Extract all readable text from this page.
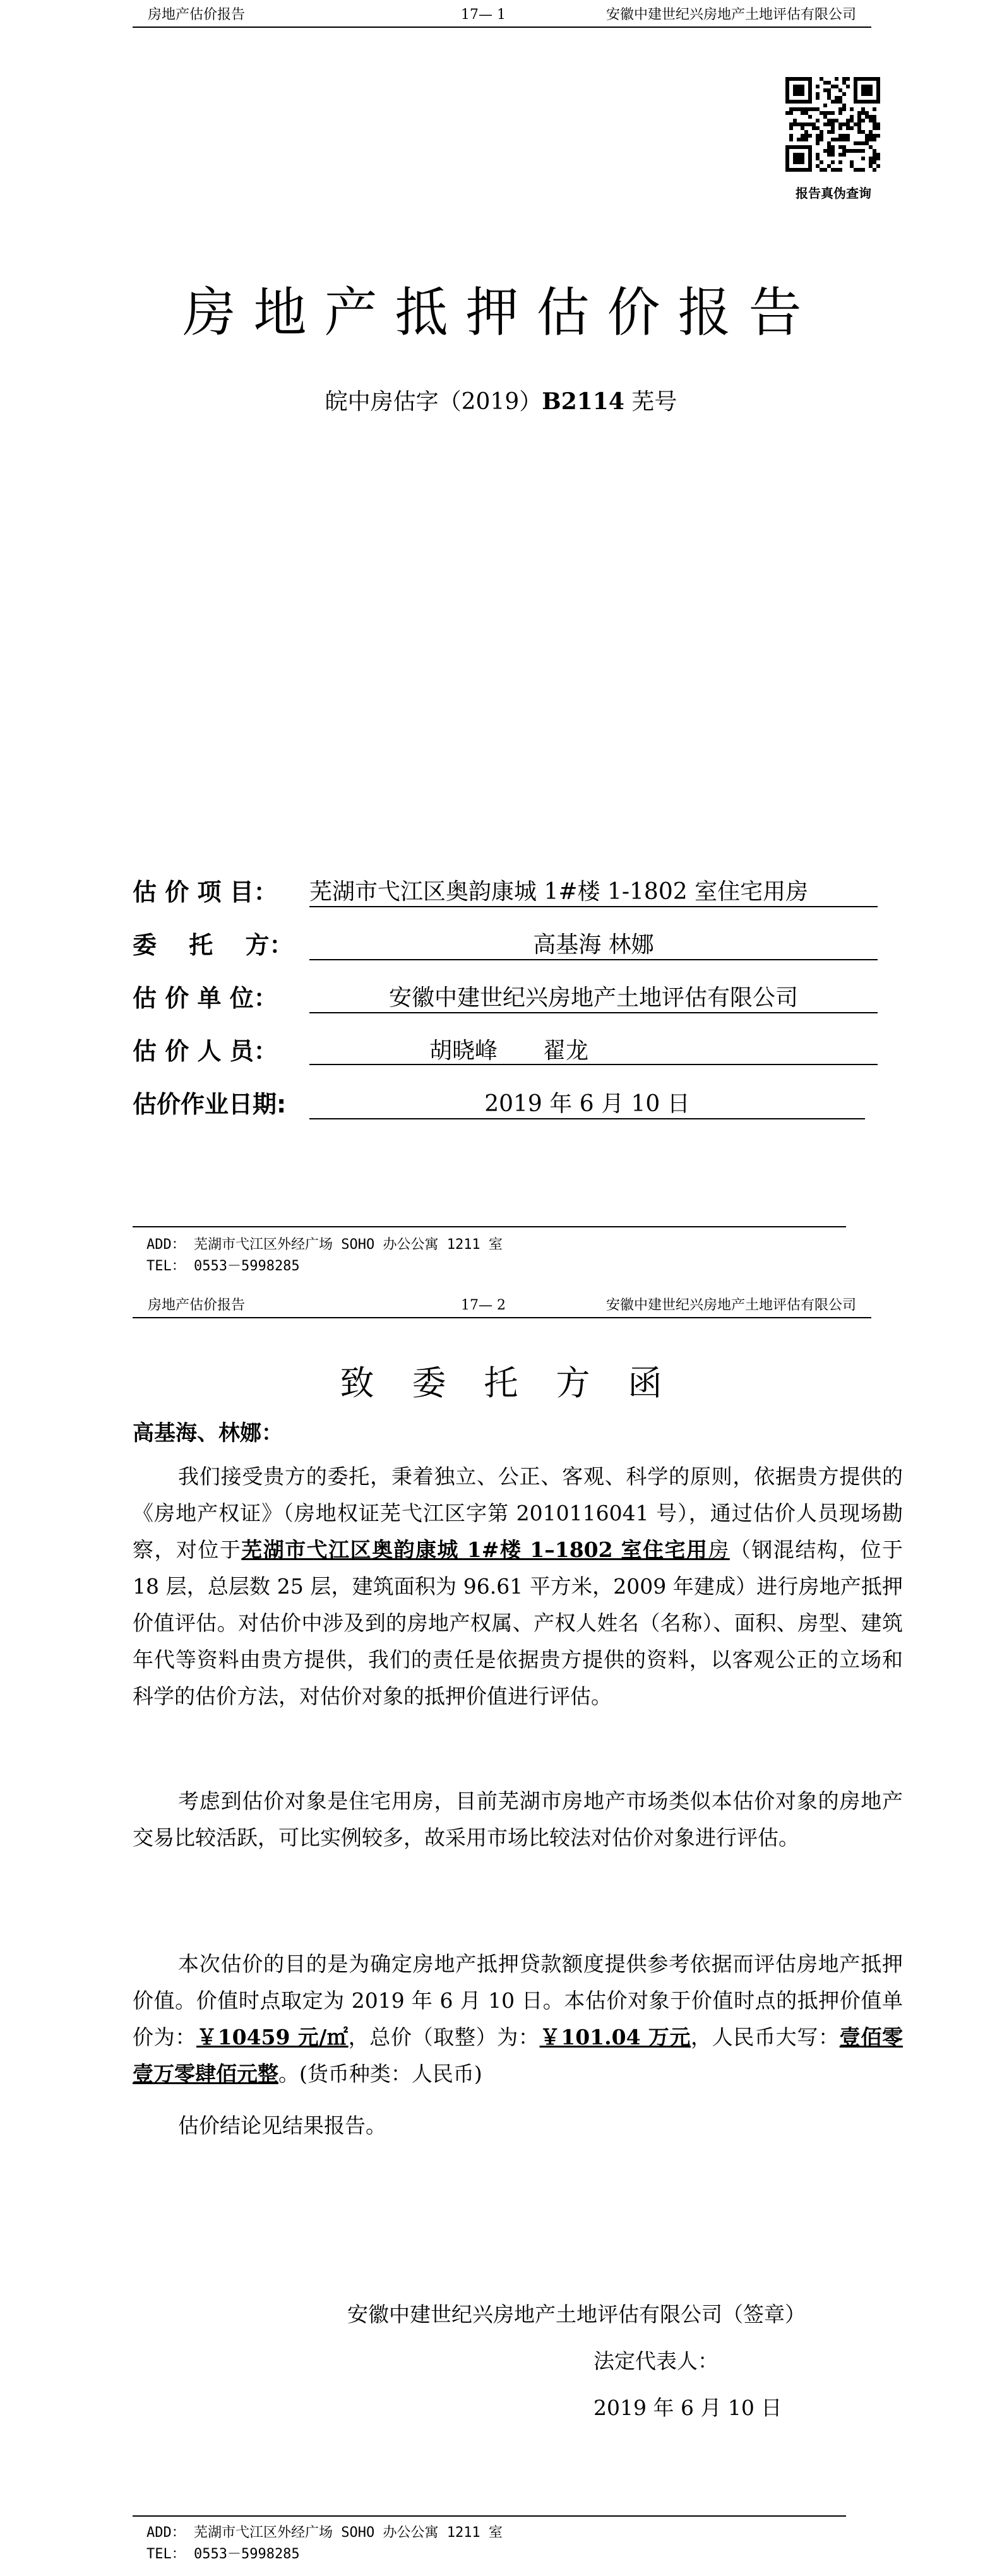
房地产估价报告	17— 1	安徽中建世纪兴房地产土地评估有限公司
报告真伪查询
房地产抵押估价报告
皖中房估字（2019）B2114 芜号
估 价 项 目： 芜湖市弋江区奥韵康城 1#楼 1-1802 室住宅用房
委　 托　 方：	高基海 林娜
估 价 单 位：	安徽中建世纪兴房地产土地评估有限公司
估 价 人 员：	胡晓峰　　翟龙
估价作业日期:	2019 年 6 月 10 日
ADD： 芜湖市弋江区外经广场 SOHO 办公公寓 1211 室
TEL： 0553－5998285
房地产估价报告	17— 2	安徽中建世纪兴房地产土地评估有限公司
致委托方函
高基海、林娜：

我们接受贵方的委托，秉着独立、公正、客观、科学的原则，依据贵方提供的《房地产权证》（房地权证芜弋江区字第 2010116041 号），通过估价人员现场勘察，对位于芜湖市弋江区奥韵康城 1#楼 1–1802 室住宅用房（钢混结构，位于 18 层，总层数 25 层，建筑面积为 96.61 平方米，2009 年建成）进行房地产抵押价值评估。对估价中涉及到的房地产权属、产权人姓名（名称）、面积、房型、建筑年代等资料由贵方提供，我们的责任是依据贵方提供的资料，以客观公正的立场和科学的估价方法，对估价对象的抵押价值进行评估。

考虑到估价对象是住宅用房，目前芜湖市房地产市场类似本估价对象的房地产交易比较活跃，可比实例较多，故采用市场比较法对估价对象进行评估。

本次估价的目的是为确定房地产抵押贷款额度提供参考依据而评估房地产抵押价值。价值时点取定为 2019 年 6 月 10 日。本估价对象于价值时点的抵押价值单价为：￥10459 元/㎡，总价（取整）为：￥101.04 万元，人民币大写：壹佰零壹万零肆佰元整。(货币种类：人民币)

估价结论见结果报告。

安徽中建世纪兴房地产土地评估有限公司（签章）
法定代表人：
2019 年 6 月 10 日
ADD： 芜湖市弋江区外经广场 SOHO 办公公寓 1211 室
TEL： 0553－5998285
